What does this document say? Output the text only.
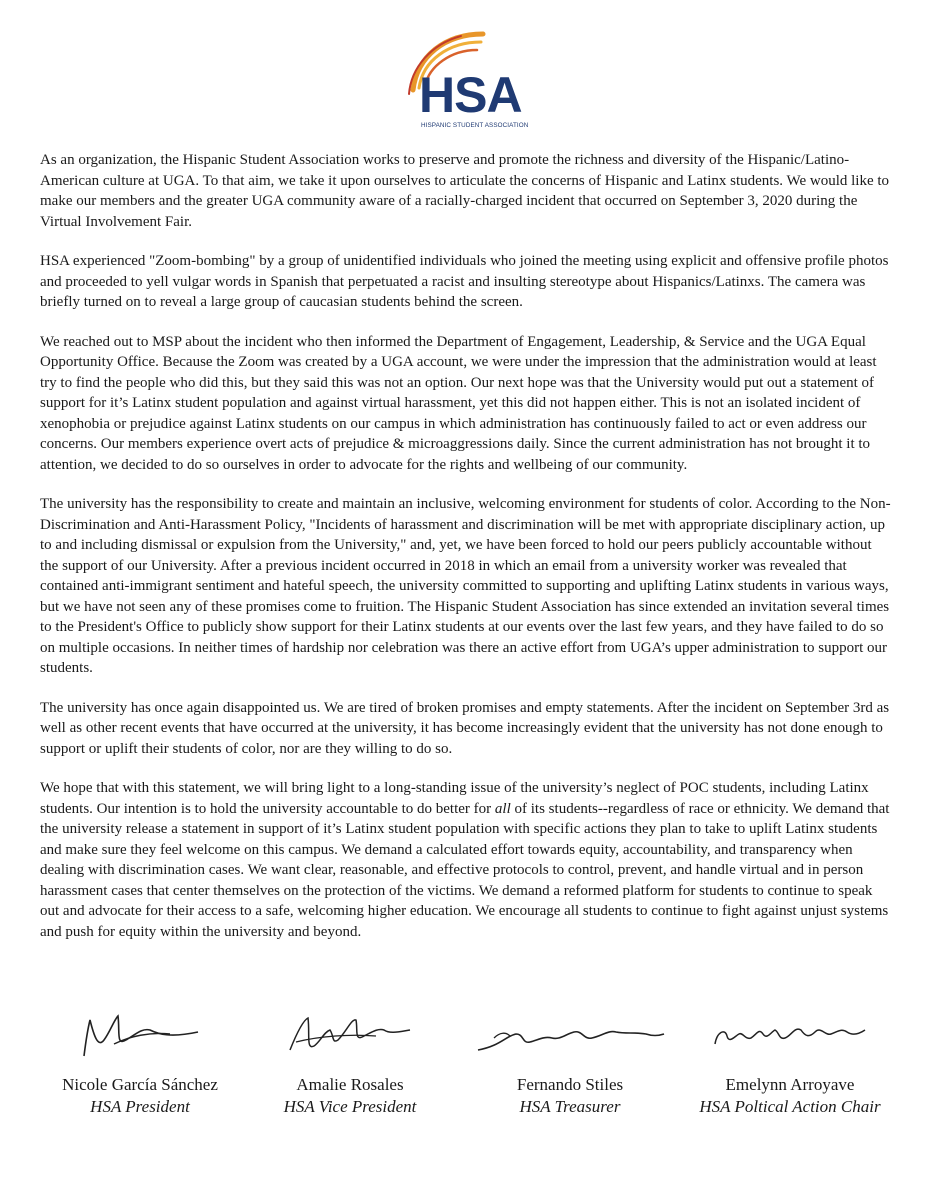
HSA
HISPANIC STUDENT ASSOCIATION

As an organization, the Hispanic Student Association works to preserve and promote the richness and diversity of the Hispanic/Latino-American culture at UGA. To that aim, we take it upon ourselves to articulate the concerns of Hispanic and Latinx students. We would like to make our members and the greater UGA community aware of a racially-charged incident that occurred on September 3, 2020 during the Virtual Involvement Fair.

HSA experienced "Zoom-bombing" by a group of unidentified individuals who joined the meeting using explicit and offensive profile photos and proceeded to yell vulgar words in Spanish that perpetuated a racist and insulting stereotype about Hispanics/Latinxs. The camera was briefly turned on to reveal a large group of caucasian students behind the screen.

We reached out to MSP about the incident who then informed the Department of Engagement, Leadership, & Service and the UGA Equal Opportunity Office. Because the Zoom was created by a UGA account, we were under the impression that the administration would at least try to find the people who did this, but they said this was not an option. Our next hope was that the University would put out a statement of support for it’s Latinx student population and against virtual harassment, yet this did not happen either. This is not an isolated incident of xenophobia or prejudice against Latinx students on our campus in which administration has continuously failed to act or even address our concerns. Our members experience overt acts of prejudice & microaggressions daily. Since the current administration has not brought it to attention, we decided to do so ourselves in order to advocate for the rights and wellbeing of our community.

The university has the responsibility to create and maintain an inclusive, welcoming environment for students of color. According to the Non-Discrimination and Anti-Harassment Policy, "Incidents of harassment and discrimination will be met with appropriate disciplinary action, up to and including dismissal or expulsion from the University," and, yet, we have been forced to hold our peers publicly accountable without the support of our University. After a previous incident occurred in 2018 in which an email from a university worker was revealed that contained anti-immigrant sentiment and hateful speech, the university committed to supporting and uplifting Latinx students in various ways, but we have not seen any of these promises come to fruition. The Hispanic Student Association has since extended an invitation several times to the President's Office to publicly show support for their Latinx students at our events over the last few years, and they have failed to do so on multiple occasions. In neither times of hardship nor celebration was there an active effort from UGA’s upper administration to support our students.

The university has once again disappointed us. We are tired of broken promises and empty statements. After the incident on September 3rd as well as other recent events that have occurred at the university, it has become increasingly evident that the university has not done enough to support or uplift their students of color, nor are they willing to do so.

We hope that with this statement, we will bring light to a long-standing issue of the university’s neglect of POC students, including Latinx students. Our intention is to hold the university accountable to do better for all of its students--regardless of race or ethnicity. We demand that the university release a statement in support of it’s Latinx student population with specific actions they plan to take to uplift Latinx students and make sure they feel welcome on this campus. We demand a calculated effort towards equity, accountability, and transparency when dealing with discrimination cases. We want clear, reasonable, and effective protocols to control, prevent, and handle virtual and in person harassment cases that center themselves on the protection of the victims. We demand a reformed platform for students to continue to speak out and advocate for their access to a safe, welcoming higher education. We encourage all students to continue to fight against unjust systems and push for equity within the university and beyond.

Nicole García Sánchez
HSA President
Amalie Rosales
HSA Vice President
Fernando Stiles
HSA Treasurer
Emelynn Arroyave
HSA Poltical Action Chair
